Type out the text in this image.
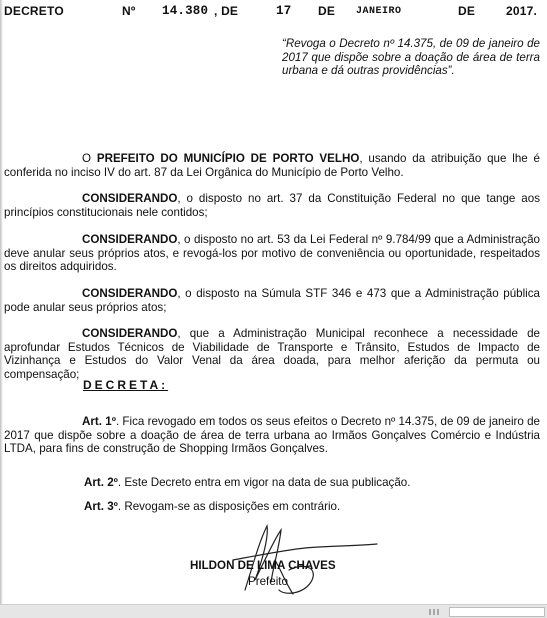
DECRETO	Nº 14.380 , DE	17 DE JANEIRO	DE	2017.
“Revoga o Decreto nº 14.375, de 09 de janeiro de 2017 que dispõe sobre a doação de área de terra urbana e dá outras providências”.
O PREFEITO DO MUNICÍPIO DE PORTO VELHO, usando da atribuição que lhe é conferida no inciso IV do art. 87 da Lei Orgânica do Município de Porto Velho.
CONSIDERANDO, o disposto no art. 37 da Constituição Federal no que tange aos princípios constitucionais nele contidos;
CONSIDERANDO, o disposto no art. 53 da Lei Federal nº 9.784/99 que a Administração deve anular seus próprios atos, e revogá-los por motivo de conveniência ou oportunidade, respeitados os direitos adquiridos.
CONSIDERANDO, o disposto na Súmula STF 346 e 473 que a Administração pública pode anular seus próprios atos;
CONSIDERANDO, que a Administração Municipal reconhece a necessidade de aprofundar Estudos Técnicos de Viabilidade de Transporte e Trânsito, Estudos de Impacto de Vizinhança e Estudos do Valor Venal da área doada, para melhor aferição da permuta ou compensação;
DECRETA:
Art. 1º. Fica revogado em todos os seus efeitos o Decreto nº 14.375, de 09 de janeiro de 2017 que dispõe sobre a doação de área de terra urbana ao Irmãos Gonçalves Comércio e Indústria LTDA, para fins de construção de Shopping Irmãos Gonçalves.
Art. 2º. Este Decreto entra em vigor na data de sua publicação.
Art. 3º. Revogam-se as disposições em contrário.
HILDON DE LIMA CHAVES
Prefeito
